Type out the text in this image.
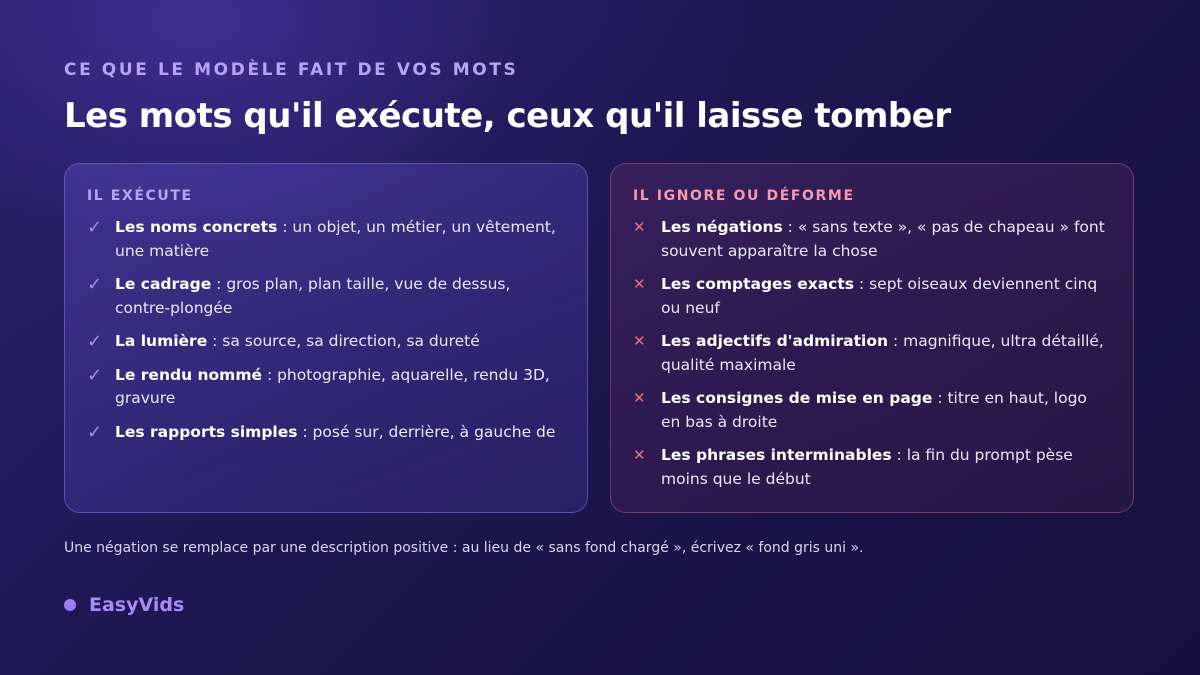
CE QUE LE MODÈLE FAIT DE VOS MOTS
Les mots qu'il exécute, ceux qu'il laisse tomber
IL EXÉCUTE
✓ Les noms concrets : un objet, un métier, un vêtement, une matière
✓ Le cadrage : gros plan, plan taille, vue de dessus, contre-plongée
✓ La lumière : sa source, sa direction, sa dureté
✓ Le rendu nommé : photographie, aquarelle, rendu 3D, gravure
✓ Les rapports simples : posé sur, derrière, à gauche de
IL IGNORE OU DÉFORME
✕ Les négations : « sans texte », « pas de chapeau » font souvent apparaître la chose
✕ Les comptages exacts : sept oiseaux deviennent cinq ou neuf
✕ Les adjectifs d'admiration : magnifique, ultra détaillé, qualité maximale
✕ Les consignes de mise en page : titre en haut, logo en bas à droite
✕ Les phrases interminables : la fin du prompt pèse moins que le début
Une négation se remplace par une description positive : au lieu de « sans fond chargé », écrivez « fond gris uni ».
EasyVids
